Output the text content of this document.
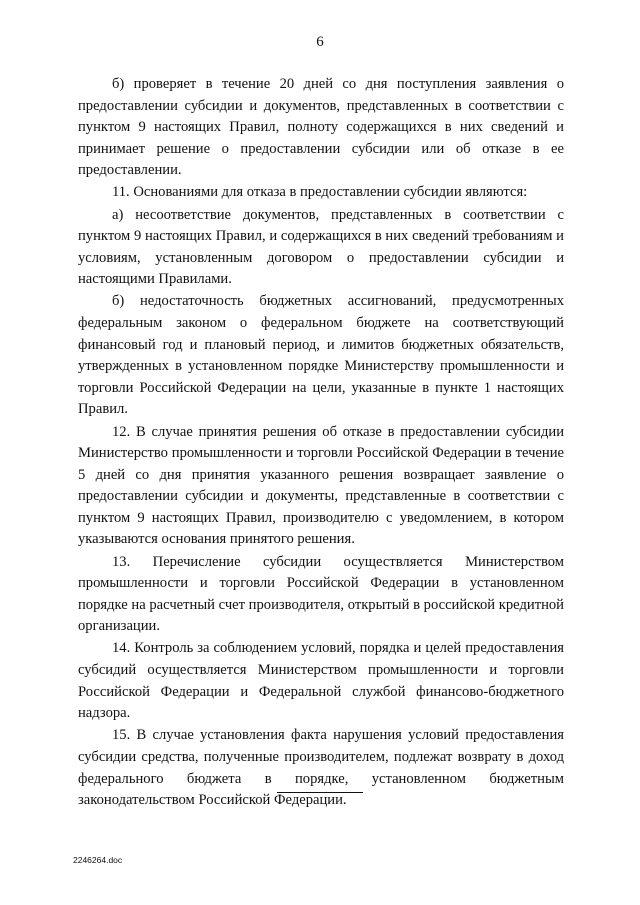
6

б) проверяет в течение 20 дней со дня поступления заявления о предоставлении субсидии и документов, представленных в соответствии с пунктом 9 настоящих Правил, полноту содержащихся в них сведений и принимает решение о предоставлении субсидии или об отказе в ее предоставлении.

11. Основаниями для отказа в предоставлении субсидии являются:

а) несоответствие документов, представленных в соответствии с пунктом 9 настоящих Правил, и содержащихся в них сведений требованиям и условиям, установленным договором о предоставлении субсидии и настоящими Правилами.

б) недостаточность бюджетных ассигнований, предусмотренных федеральным законом о федеральном бюджете на соответствующий финансовый год и плановый период, и лимитов бюджетных обязательств, утвержденных в установленном порядке Министерству промышленности и торговли Российской Федерации на цели, указанные в пункте 1 настоящих Правил.

12. В случае принятия решения об отказе в предоставлении субсидии Министерство промышленности и торговли Российской Федерации в течение 5 дней со дня принятия указанного решения возвращает заявление о предоставлении субсидии и документы, представленные в соответствии с пунктом 9 настоящих Правил, производителю с уведомлением, в котором указываются основания принятого решения.

13. Перечисление субсидии осуществляется Министерством промышленности и торговли Российской Федерации в установленном порядке на расчетный счет производителя, открытый в российской кредитной организации.

14. Контроль за соблюдением условий, порядка и целей предоставления субсидий осуществляется Министерством промышленности и торговли Российской Федерации и Федеральной службой финансово-бюджетного надзора.

15. В случае установления факта нарушения условий предоставления субсидии средства, полученные производителем, подлежат возврату в доход федерального бюджета в порядке, установленном бюджетным законодательством Российской Федерации.

2246264.doc
